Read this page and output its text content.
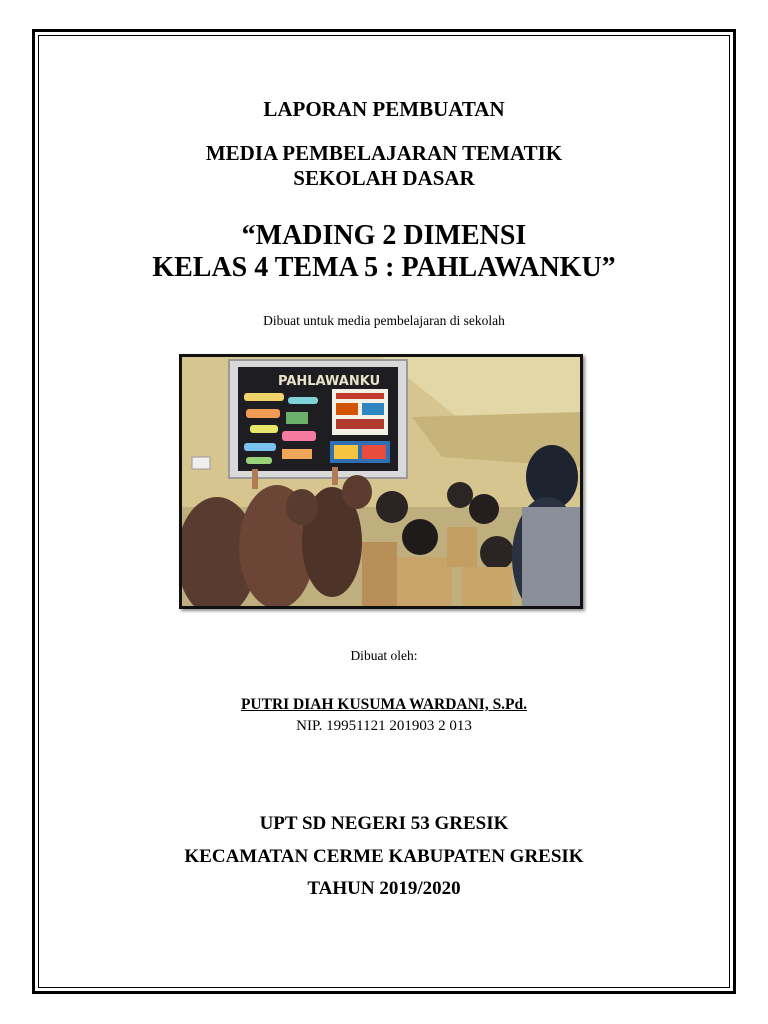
LAPORAN PEMBUATAN
MEDIA PEMBELAJARAN TEMATIK
SEKOLAH DASAR
“MADING 2 DIMENSI
KELAS 4 TEMA 5 : PAHLAWANKU”
Dibuat untuk media pembelajaran di sekolah
PAHLAWANKU
Dibuat oleh:
PUTRI DIAH KUSUMA WARDANI, S.Pd.
NIP. 19951121 201903 2 013
UPT SD NEGERI 53 GRESIK
KECAMATAN CERME KABUPATEN GRESIK
TAHUN 2019/2020
